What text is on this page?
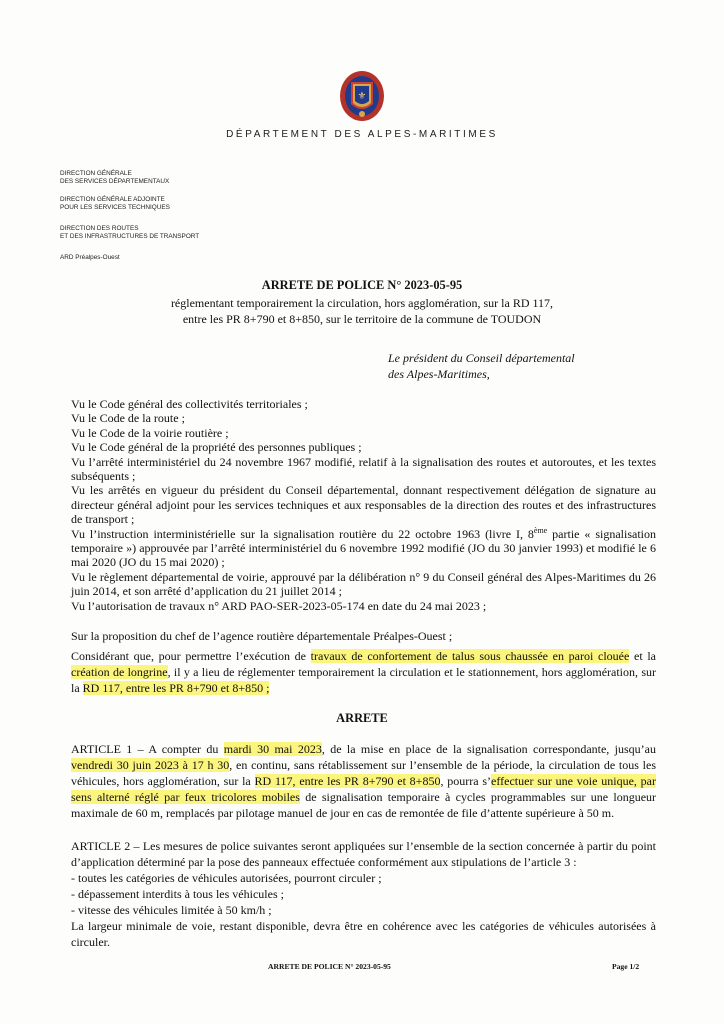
⚜
DÉPARTEMENT DES ALPES-MARITIMES
DIRECTION GÉNÉRALE
DES SERVICES DÉPARTEMENTAUX
DIRECTION GÉNÉRALE ADJOINTE
POUR LES SERVICES TECHNIQUES
DIRECTION DES ROUTES
ET DES INFRASTRUCTURES DE TRANSPORT
ARD Préalpes-Ouest
ARRETE DE POLICE N° 2023-05-95
réglementant temporairement la circulation, hors agglomération, sur la RD 117,
entre les PR 8+790 et 8+850, sur le territoire de la commune de TOUDON
Le président du Conseil départemental
des Alpes-Maritimes,

Vu le Code général des collectivités territoriales ;

Vu le Code de la route ;

Vu le Code de la voirie routière ;

Vu le Code général de la propriété des personnes publiques ;

Vu l’arrêté interministériel du 24 novembre 1967 modifié, relatif à la signalisation des routes et autoroutes, et les textes subséquents ;

Vu les arrêtés en vigueur du président du Conseil départemental, donnant respectivement délégation de signature au directeur général adjoint pour les services techniques et aux responsables de la direction des routes et des infrastructures de transport ;

Vu l’instruction interministérielle sur la signalisation routière du 22 octobre 1963 (livre I, 8ème partie « signalisation temporaire ») approuvée par l’arrêté interministériel du 6 novembre 1992 modifié (JO du 30 janvier 1993) et modifié le 6 mai 2020 (JO du 15 mai 2020) ;

Vu le règlement départemental de voirie, approuvé par la délibération n° 9 du Conseil général des Alpes-Maritimes du 26 juin 2014, et son arrêté d’application du 21 juillet 2014 ;

Vu l’autorisation de travaux n° ARD PAO-SER-2023-05-174 en date du 24 mai 2023 ;

Sur la proposition du chef de l’agence routière départementale Préalpes-Ouest ;
Considérant que, pour permettre l’exécution de travaux de confortement de talus sous chaussée en paroi clouée et la création de longrine, il y a lieu de réglementer temporairement la circulation et le stationnement, hors agglomération, sur la RD 117, entre les PR 8+790 et 8+850 ;
ARRETE
ARTICLE 1 – A compter du mardi 30 mai 2023, de la mise en place de la signalisation correspondante, jusqu’au vendredi 30 juin 2023 à 17 h 30, en continu, sans rétablissement sur l’ensemble de la période, la circulation de tous les véhicules, hors agglomération, sur la RD 117, entre les PR 8+790 et 8+850, pourra s’effectuer sur une voie unique, par sens alterné réglé par feux tricolores mobiles de signalisation temporaire à cycles programmables sur une longueur maximale de 60 m, remplacés par pilotage manuel de jour en cas de remontée de file d’attente supérieure à 50 m.

ARTICLE 2 – Les mesures de police suivantes seront appliquées sur l’ensemble de la section concernée à partir du point d’application déterminé par la pose des panneaux effectuée conformément aux stipulations de l’article 3 :

- toutes les catégories de véhicules autorisées, pourront circuler ;
- dépassement interdits à tous les véhicules ;
- vitesse des véhicules limitée à 50 km/h ;

La largeur minimale de voie, restant disponible, devra être en cohérence avec les catégories de véhicules autorisées à circuler.

ARRETE DE POLICE N° 2023-05-95	Page 1/2
